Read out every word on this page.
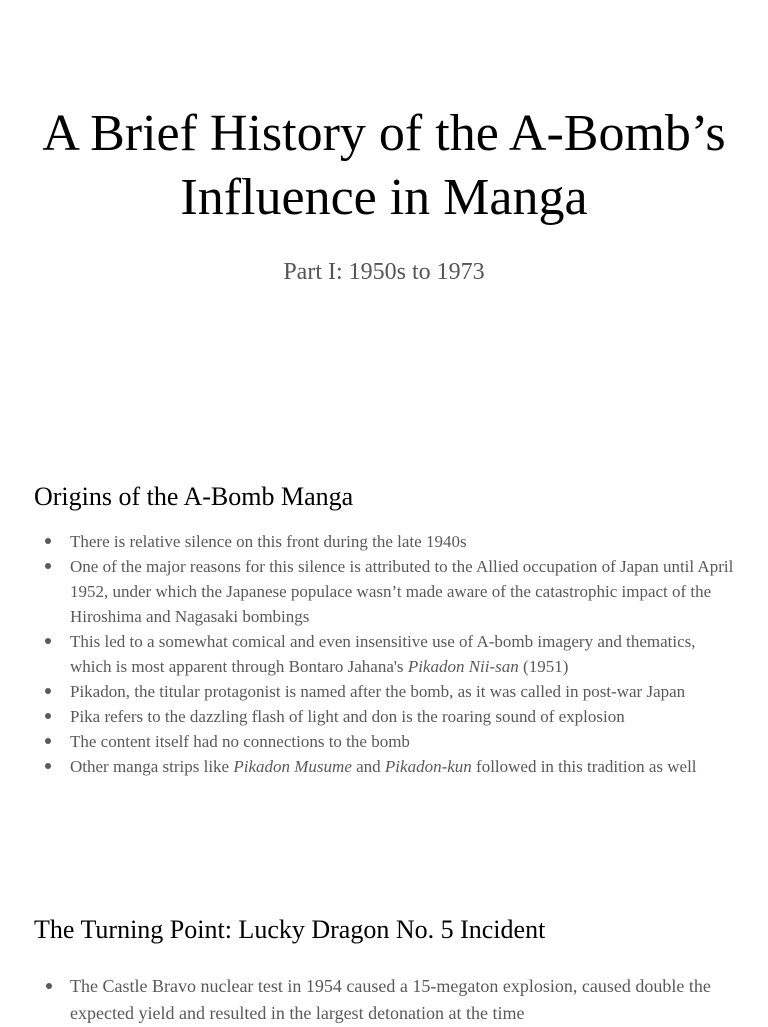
A Brief History of the A-Bomb’s Influence in Manga
Part I: 1950s to 1973
Origins of the A-Bomb Manga
There is relative silence on this front during the late 1940s
One of the major reasons for this silence is attributed to the Allied occupation of Japan until April 1952, under which the Japanese populace wasn’t made aware of the catastrophic impact of the Hiroshima and Nagasaki bombings
This led to a somewhat comical and even insensitive use of A-bomb imagery and thematics, which is most apparent through Bontaro Jahana's Pikadon Nii-san (1951)
Pikadon, the titular protagonist is named after the bomb, as it was called in post-war Japan
Pika refers to the dazzling flash of light and don is the roaring sound of explosion
The content itself had no connections to the bomb
Other manga strips like Pikadon Musume and Pikadon-kun followed in this tradition as well
The Turning Point: Lucky Dragon No. 5 Incident
The Castle Bravo nuclear test in 1954 caused a 15-megaton explosion, caused double the expected yield and resulted in the largest detonation at the time
